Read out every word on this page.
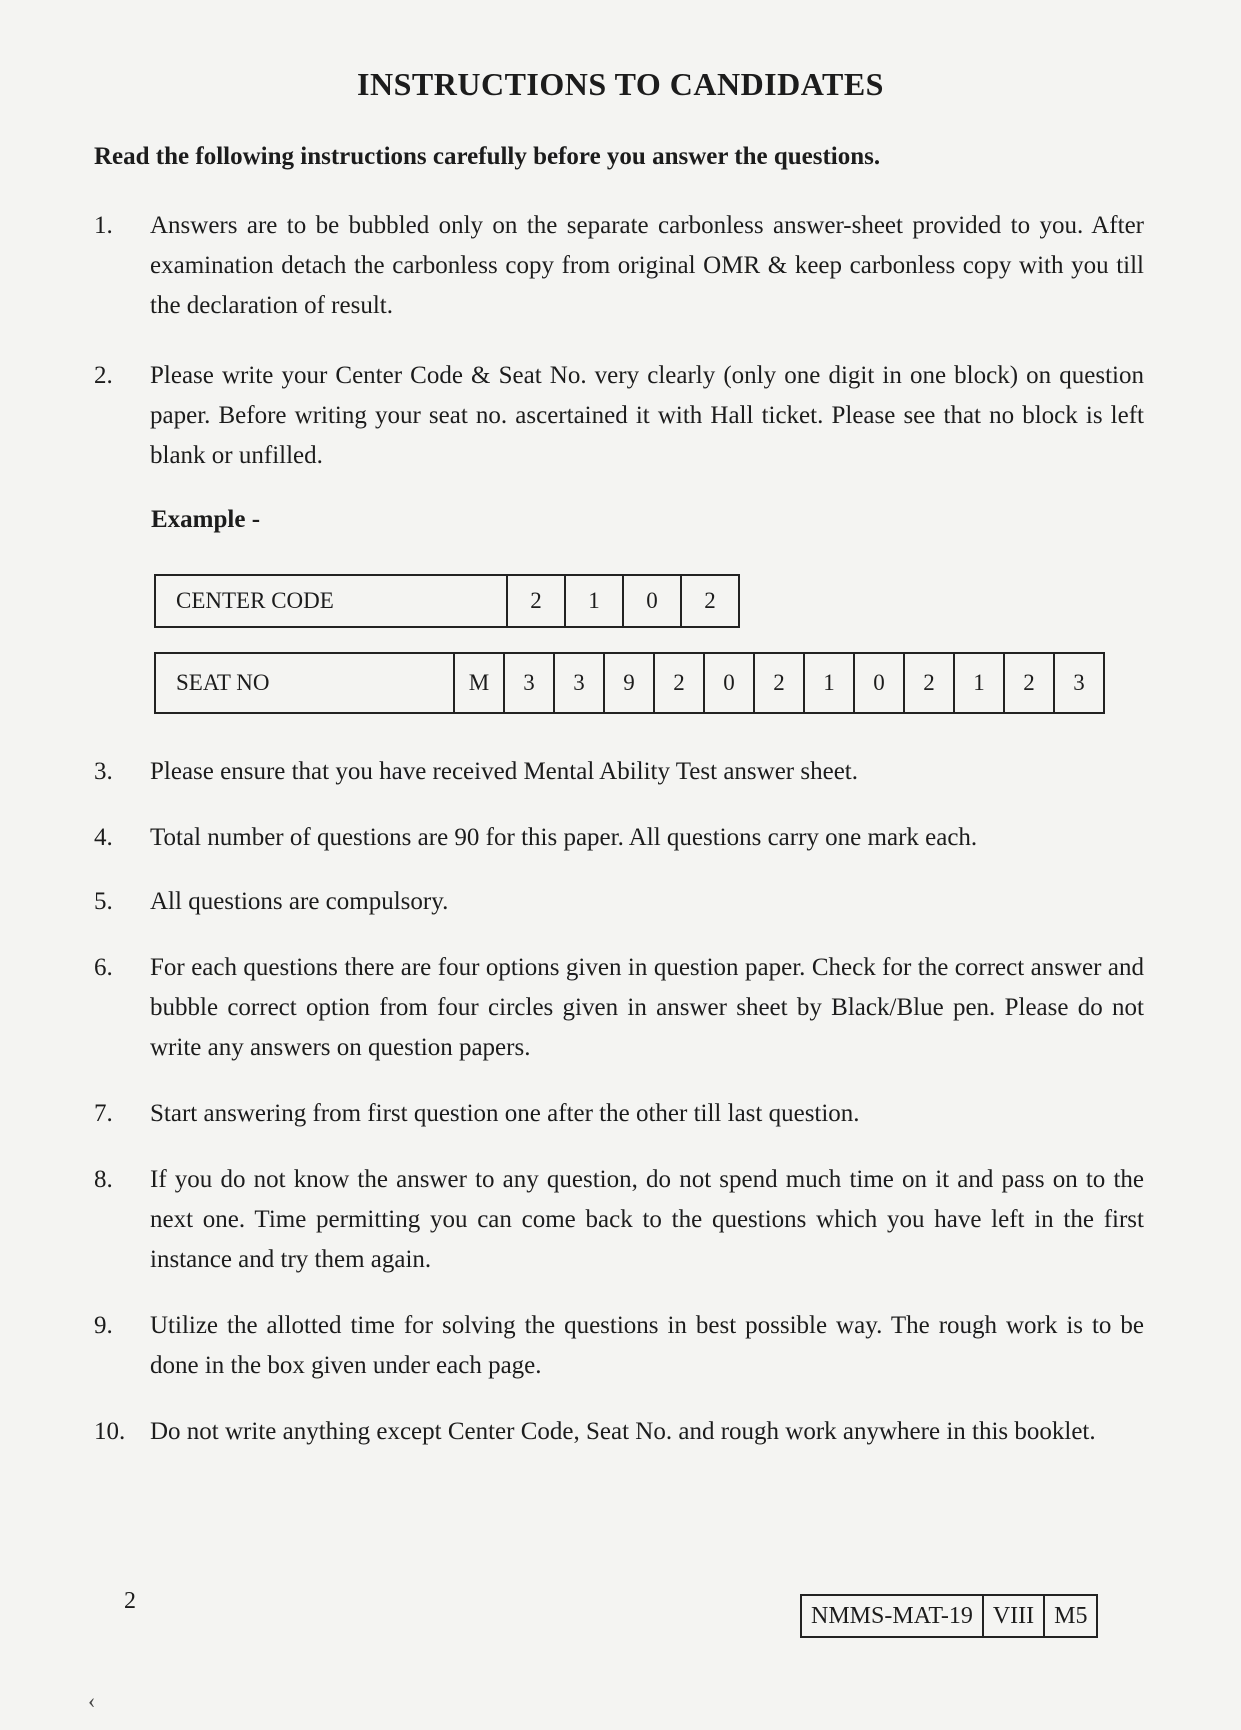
INSTRUCTIONS TO CANDIDATES

Read the following instructions carefully before you answer the questions.

1.	Answers are to be bubbled only on the separate carbonless answer-sheet provided to you. After examination detach the carbonless copy from original OMR & keep carbonless copy with you till the declaration of result.
2.	Please write your Center Code & Seat No. very clearly (only one digit in one block) on question paper. Before writing your seat no. ascertained it with Hall ticket. Please see that no block is left blank or unfilled.

Example -

CENTER CODE	2	1	0	2
SEAT NO	M	3	3	9	2	0	2	1	0	2	1	2	3
3.	Please ensure that you have received Mental Ability Test answer sheet.
4.	Total number of questions are 90 for this paper. All questions carry one mark each.
5.	All questions are compulsory.
6.	For each questions there are four options given in question paper. Check for the correct answer and bubble correct option from four circles given in answer sheet by Black/Blue pen. Please do not write any answers on question papers.
7.	Start answering from first question one after the other till last question.
8.	If you do not know the answer to any question, do not spend much time on it and pass on to the next one. Time permitting you can come back to the questions which you have left in the first instance and try them again.
9.	Utilize the allotted time for solving the questions in best possible way. The rough work is to be done in the box given under each page.
10. Do not write anything except Center Code, Seat No. and rough work anywhere in this booklet.
2
NMMS-MAT-19	VIII	M5
‹
